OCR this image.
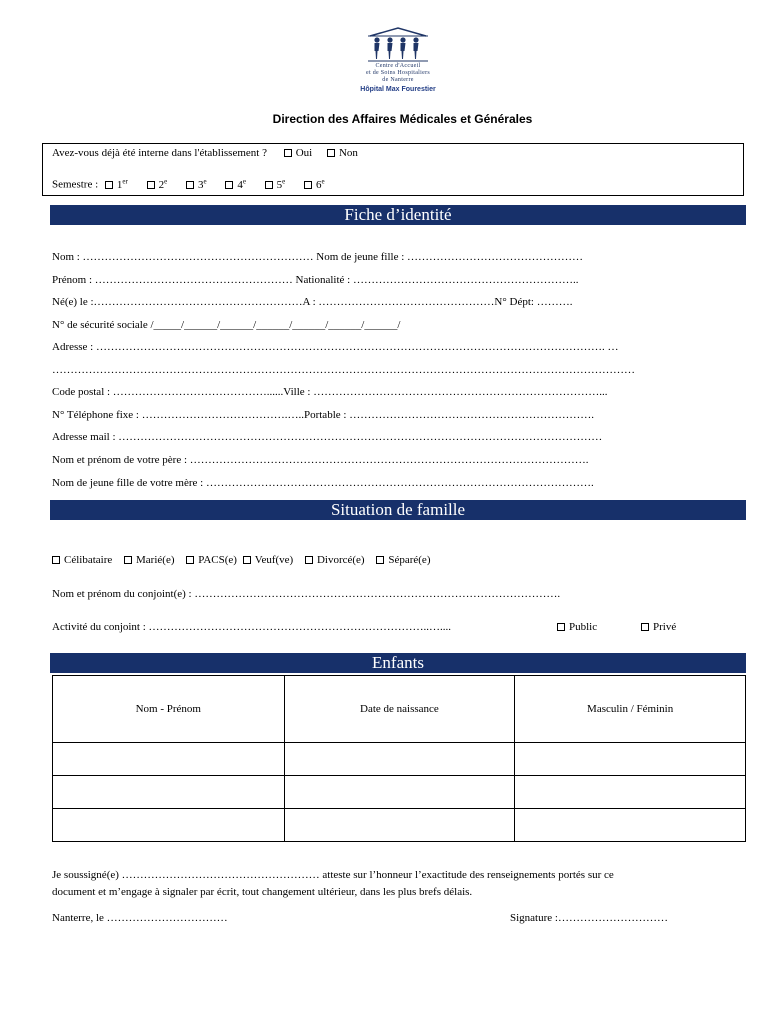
Centre d'Accueil
et de Soins Hospitaliers
de Nanterre
Hôpital Max Fourestier
Direction des Affaires Médicales et Générales
Avez-vous déjà été interne dans l'établissement ?	Oui Non
Semestre : 1er	2e	3e	4e	5e	6e
Fiche d’identité
Nom : ……………………………………………………… Nom de jeune fille : …………………………………………
Prénom : ……………………………………………… Nationalité : ……………………………………………………..
Né(e) le :…………………………………………………A : …………………………………………N° Dépt: ……….
N° de sécurité sociale /_____/______/______/______/______/______/______/
Adresse : …………………………………………………………………………………………………………………………. …
……………………………………………………………………………………………………………………………………………
Code postal : ……………………………………......Ville : ……………………………………………………………………...
N° Téléphone fixe : ………………………………….…..Portable : ………………………………………………………….
Adresse mail : ……………………………………………………………………………………………………………………
Nom et prénom de votre père : ……………………………………………………………………………………………….
Nom de jeune fille de votre mère : …………………………………………………………………………………………….
Situation de famille
Célibataire Marié(e) PACS(e) Veuf(ve) Divorcé(e) Séparé(e)
Nom et prénom du conjoint(e) : ……………………………………………………………………………………….
Activité du conjoint : …………………………………………………………………..…....	Public	Privé
Enfants
Nom - Prénom	Date de naissance	Masculin / Féminin

Je soussigné(e) ……………………………………………… atteste sur l’honneur l’exactitude des renseignements portés sur ce
document et m’engage à signaler par écrit, tout changement ultérieur, dans les plus brefs délais.
Nanterre, le ……………………………	Signature :…………………………
